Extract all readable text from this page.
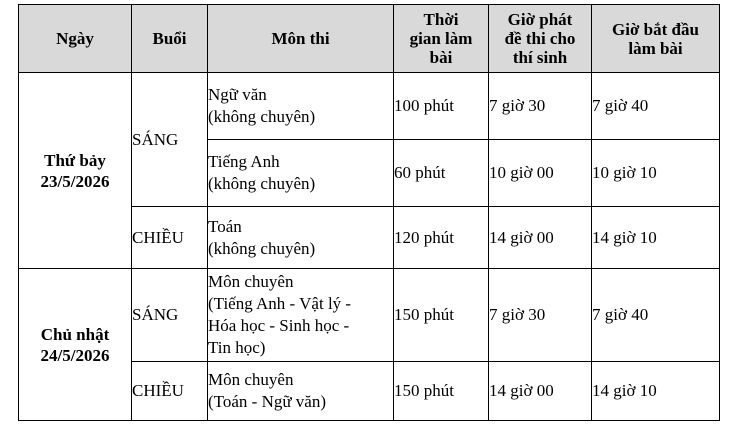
Ngày	Buổi	Môn thi	Thời
gian làm
bài	Giờ phát
đề thi cho
thí sinh	Giờ bắt đầu
làm bài

Thứ bảy
23/5/2026	SÁNG	Ngữ văn
(không chuyên)	100 phút	7 giờ 30	7 giờ 40

		Tiếng Anh
(không chuyên)	60 phút	10 giờ 00	10 giờ 10
	CHIỀU	Toán
(không chuyên)	120 phút	14 giờ 00	14 giờ 10

Chủ nhật
24/5/2026	SÁNG	Môn chuyên
(Tiếng Anh - Vật lý -
Hóa học - Sinh học -
Tin học)	150 phút	7 giờ 30	7 giờ 40
	CHIỀU	Môn chuyên
(Toán - Ngữ văn)	150 phút	14 giờ 00	14 giờ 10
